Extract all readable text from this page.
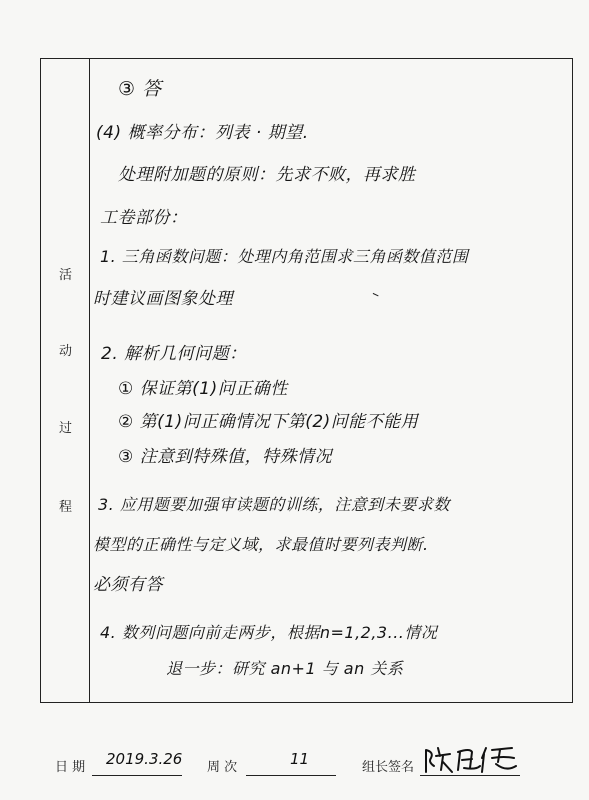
活
动
过
程
③ 答
(4) 概率分布：列表 · 期望.
处理附加题的原则：先求不败，再求胜
工卷部份：
1. 三角函数问题：处理内角范围求三角函数值范围
时建议画图象处理
2. 解析几何问题：
① 保证第(1)问正确性
② 第(1)问正确情况下第(2)问能不能用
③ 注意到特殊值，特殊情况
3. 应用题要加强审读题的训练，注意到未要求数
模型的正确性与定义域，求最值时要列表判断.
必须有答
4. 数列问题向前走两步，根据n=1,2,3...情况
退一步：研究 an+1 与 an 关系
日 期 2019.3.26 周 次	11	组长签名
